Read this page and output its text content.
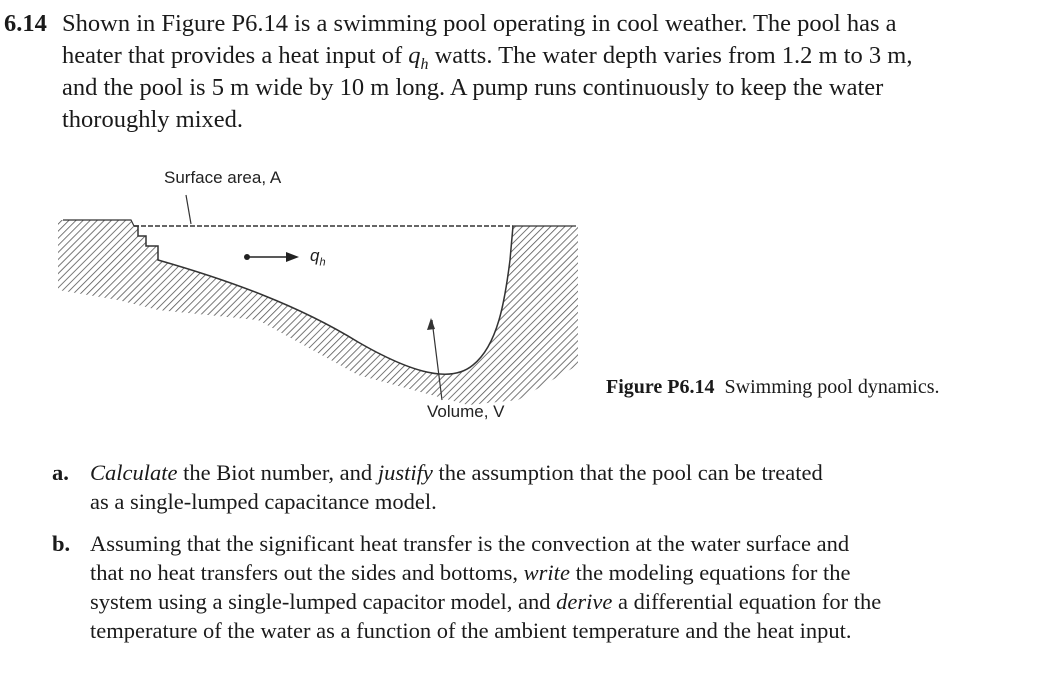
6.14 Shown in Figure P6.14 is a swimming pool operating in cool weather. The pool has a
heater that provides a heat input of $q_h$ watts. The water depth varies from 1.2 m to 3 m,
and the pool is 5 m wide by 10 m long. A pump runs continuously to keep the water
thoroughly mixed.
Surface area, A
$q_h$
Volume, V
Figure P6.14 Swimming pool dynamics.
a. Calculate the Biot number, and justify the assumption that the pool can be treated
as a single-lumped capacitance model.
b. Assuming that the significant heat transfer is the convection at the water surface and
that no heat transfers out the sides and bottoms, write the modeling equations for the
system using a single-lumped capacitor model, and derive a differential equation for the
temperature of the water as a function of the ambient temperature and the heat input.
